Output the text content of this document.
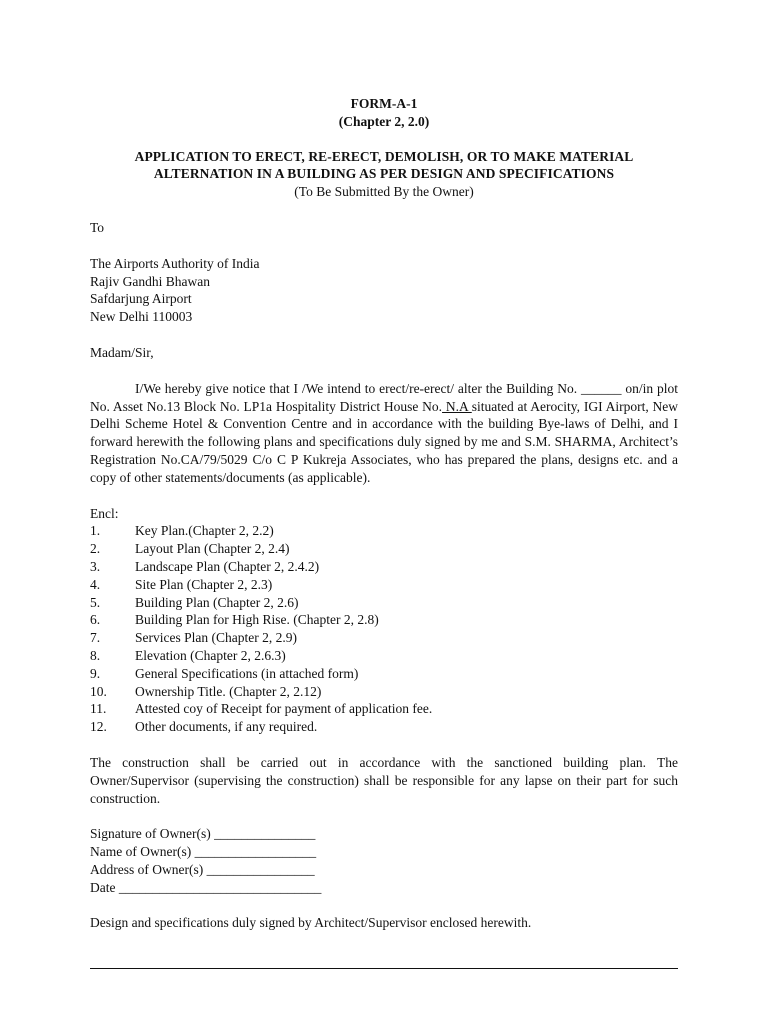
FORM-A-1
(Chapter 2, 2.0)
APPLICATION TO ERECT, RE-ERECT, DEMOLISH, OR TO MAKE MATERIAL
ALTERNATION IN A BUILDING AS PER DESIGN AND SPECIFICATIONS
(To Be Submitted By the Owner)
To
The Airports Authority of India
Rajiv Gandhi Bhawan
Safdarjung Airport
New Delhi 110003
Madam/Sir,
I/We hereby give notice that I /We intend to erect/re-erect/ alter the Building No. ______ on/in plot No. Asset No.13 Block No. LP1a Hospitality District House No. N.A situated at Aerocity, IGI Airport, New Delhi Scheme Hotel & Convention Centre and in accordance with the building Bye-laws of Delhi, and I forward herewith the following plans and specifications duly signed by me and S.M. SHARMA, Architect’s Registration No.CA/79/5029 C/o C P Kukreja Associates, who has prepared the plans, designs etc. and a copy of other statements/documents (as applicable).
Encl:
1.	Key Plan.(Chapter 2, 2.2)
2.	Layout Plan (Chapter 2, 2.4)
3.	Landscape Plan (Chapter 2, 2.4.2)
4.	Site Plan (Chapter 2, 2.3)
5.	Building Plan (Chapter 2, 2.6)
6.	Building Plan for High Rise. (Chapter 2, 2.8)
7.	Services Plan (Chapter 2, 2.9)
8.	Elevation (Chapter 2, 2.6.3)
9.	General Specifications (in attached form)
10.	Ownership Title. (Chapter 2, 2.12)
11.	Attested coy of Receipt for payment of application fee.
12.	Other documents, if any required.
The construction shall be carried out in accordance with the sanctioned building plan. The Owner/Supervisor (supervising the construction) shall be responsible for any lapse on their part for such construction.
Signature of Owner(s) _______________
Name of Owner(s) __________________
Address of Owner(s) ________________
Date ______________________________
Design and specifications duly signed by Architect/Supervisor enclosed herewith.
